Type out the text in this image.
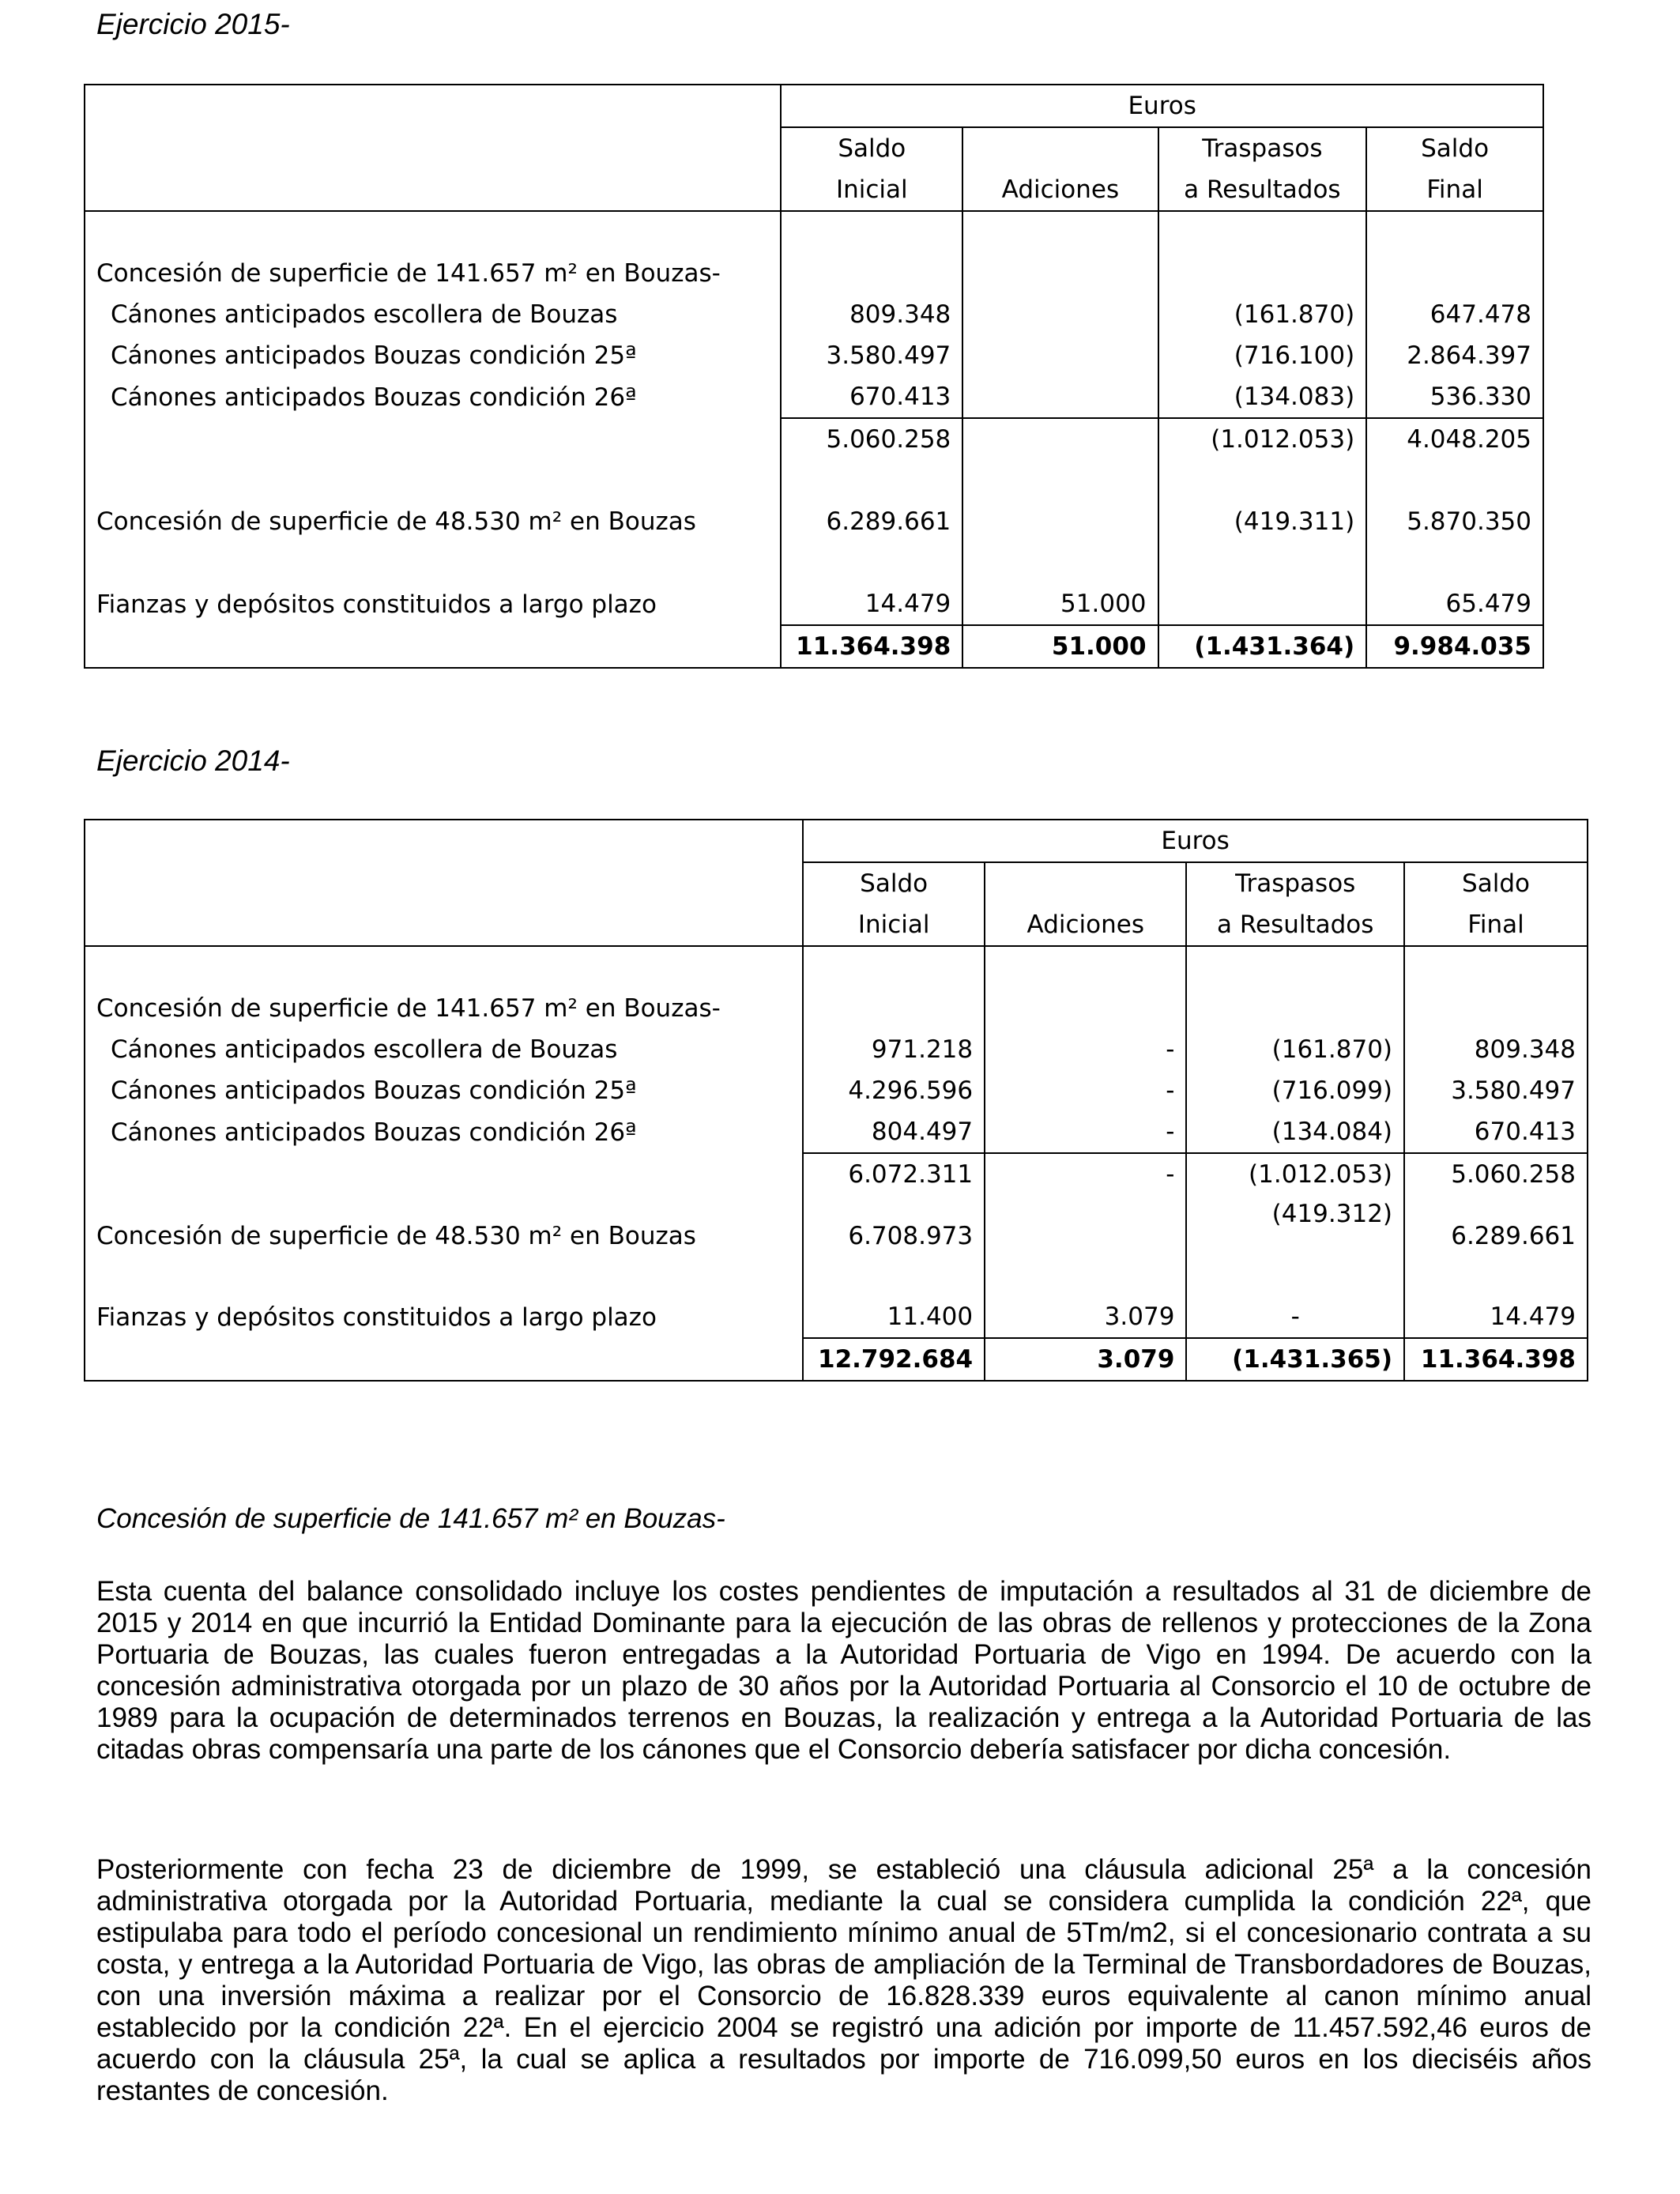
Ejercicio 2015-
	Euros			
	Saldo		Traspasos	Saldo
	Inicial	Adiciones	a Resultados	Final

Concesión de superficie de 141.657 m² en Bouzas-				
Cánones anticipados escollera de Bouzas	809.348		(161.870)	647.478
Cánones anticipados Bouzas condición 25ª	3.580.497		(716.100)	2.864.397
Cánones anticipados Bouzas condición 26ª	670.413		(134.083)	536.330
	5.060.258		(1.012.053)	4.048.205

Concesión de superficie de 48.530 m² en Bouzas	6.289.661		(419.311)	5.870.350

Fianzas y depósitos constituidos a largo plazo	14.479	51.000		65.479
	11.364.398	51.000	(1.431.364)	9.984.035
Ejercicio 2014-
	Euros			
	Saldo		Traspasos	Saldo
	Inicial	Adiciones	a Resultados	Final

Concesión de superficie de 141.657 m² en Bouzas-				
Cánones anticipados escollera de Bouzas	971.218	-	(161.870)	809.348
Cánones anticipados Bouzas condición 25ª	4.296.596	-	(716.099)	3.580.497
Cánones anticipados Bouzas condición 26ª	804.497	-	(134.084)	670.413
	6.072.311	-	(1.012.053)	5.060.258
Concesión de superficie de 48.530 m² en Bouzas	6.708.973		(419.312)	6.289.661

Fianzas y depósitos constituidos a largo plazo	11.400	3.079	-	14.479
	12.792.684	3.079	(1.431.365)	11.364.398
Concesión de superficie de 141.657 m² en Bouzas-
Esta cuenta del balance consolidado incluye los costes pendientes de imputación a resultados al 31 de diciembre de 2015 y 2014 en que incurrió la Entidad Dominante para la ejecución de las obras de rellenos y protecciones de la Zona Portuaria de Bouzas, las cuales fueron entregadas a la Autoridad Portuaria de Vigo en 1994. De acuerdo con la concesión administrativa otorgada por un plazo de 30 años por la Autoridad Portuaria al Consorcio el 10 de octubre de 1989 para la ocupación de determinados terrenos en Bouzas, la realización y entrega a la Autoridad Portuaria de las citadas obras compensaría una parte de los cánones que el Consorcio debería satisfacer por dicha concesión.
Posteriormente con fecha 23 de diciembre de 1999, se estableció una cláusula adicional 25ª a la concesión administrativa otorgada por la Autoridad Portuaria, mediante la cual se considera cumplida la condición 22ª, que estipulaba para todo el período concesional un rendimiento mínimo anual de 5Tm/m2, si el concesionario contrata a su costa, y entrega a la Autoridad Portuaria de Vigo, las obras de ampliación de la Terminal de Transbordadores de Bouzas, con una inversión máxima a realizar por el Consorcio de 16.828.339 euros equivalente al canon mínimo anual establecido por la condición 22ª. En el ejercicio 2004 se registró una adición por importe de 11.457.592,46 euros de acuerdo con la cláusula 25ª, la cual se aplica a resultados por importe de 716.099,50 euros en los dieciséis años restantes de concesión.
